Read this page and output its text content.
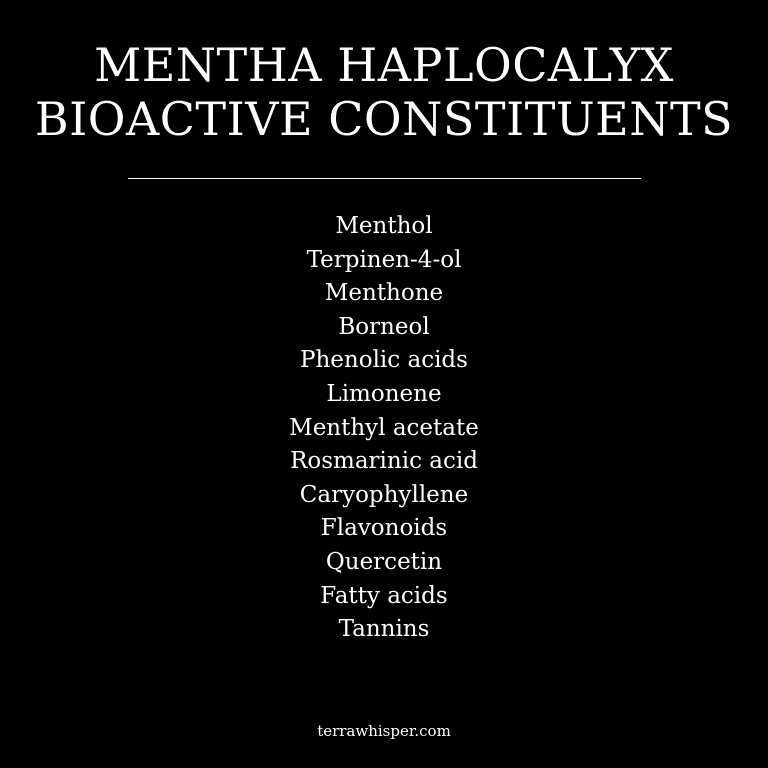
MENTHA HAPLOCALYX
BIOACTIVE CONSTITUENTS
Menthol
Terpinen-4-ol
Menthone
Borneol
Phenolic acids
Limonene
Menthyl acetate
Rosmarinic acid
Caryophyllene
Flavonoids
Quercetin
Fatty acids
Tannins
terrawhisper.com
